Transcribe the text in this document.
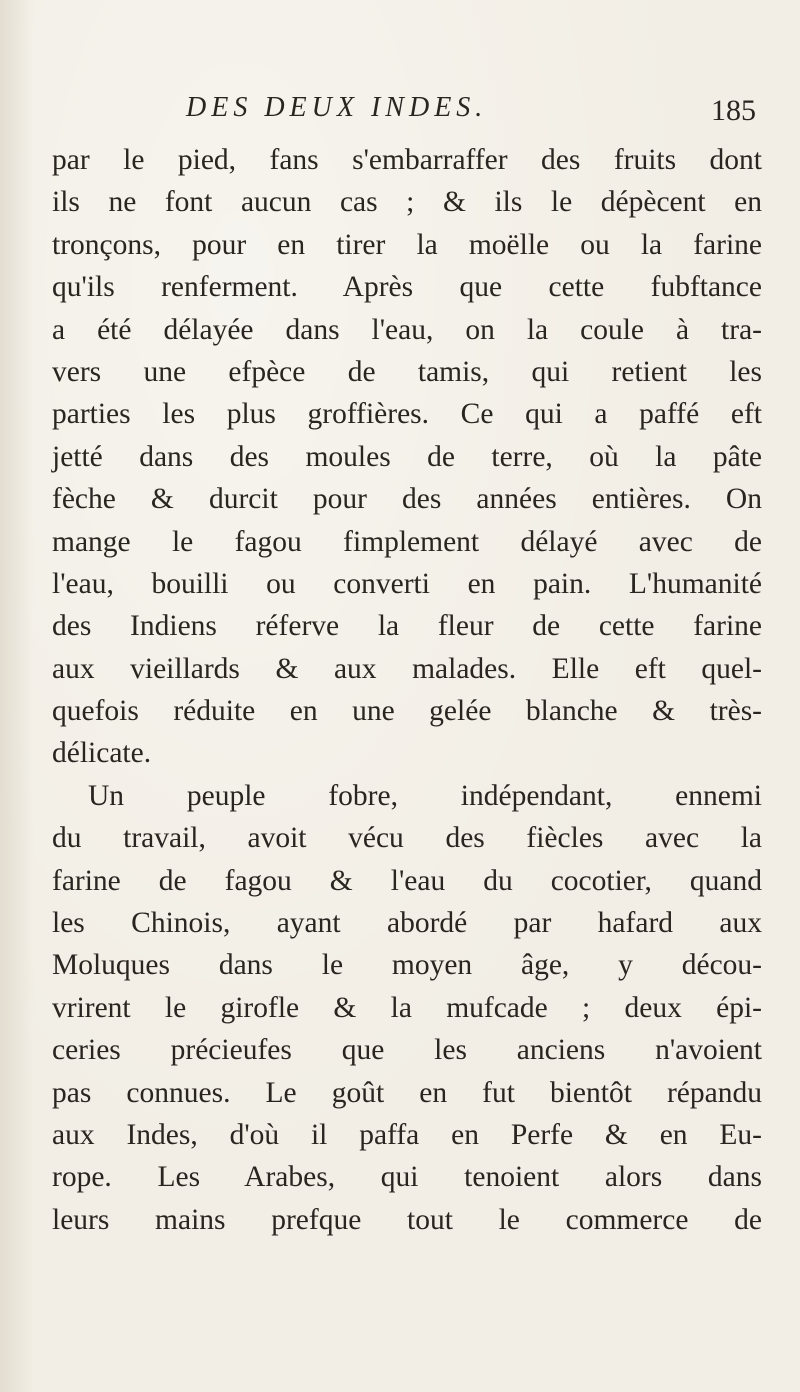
DES DEUX INDES.	185
par le pied, fans s'embarraffer des fruits dont
ils ne font aucun cas ; & ils le dépècent en
tronçons, pour en tirer la moëlle ou la farine
qu'ils renferment. Après que cette fubftance
a été délayée dans l'eau, on la coule à tra-
vers une efpèce de tamis, qui retient les
parties les plus groffières. Ce qui a paffé eft
jetté dans des moules de terre, où la pâte
fèche & durcit pour des années entières. On
mange le fagou fimplement délayé avec de
l'eau, bouilli ou converti en pain. L'humanité
des Indiens réferve la fleur de cette farine
aux vieillards & aux malades. Elle eft quel-
quefois réduite en une gelée blanche & très-
délicate.
Un peuple fobre, indépendant, ennemi
du travail, avoit vécu des fiècles avec la
farine de fagou & l'eau du cocotier, quand
les Chinois, ayant abordé par hafard aux
Moluques dans le moyen âge, y décou-
vrirent le girofle & la mufcade ; deux épi-
ceries précieufes que les anciens n'avoient
pas connues. Le goût en fut bientôt répandu
aux Indes, d'où il paffa en Perfe & en Eu-
rope. Les Arabes, qui tenoient alors dans
leurs mains prefque tout le commerce de
